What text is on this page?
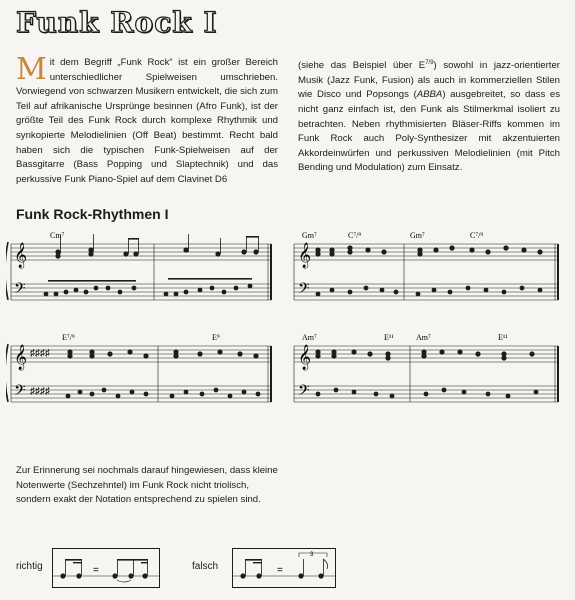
Funk Rock I
Mit dem Begriff „Funk Rock“ ist ein großer Bereich unterschiedlicher Spielweisen umschrieben. Vorwiegend von schwarzen Musikern entwickelt, die sich zum Teil auf afrikanische Ursprünge besinnen (Afro Funk), ist der größte Teil des Funk Rock durch komplexe Rhythmik und synkopierte Melodielinien (Off Beat) bestimmt. Recht bald haben sich die typischen Funk-Spielweisen auf der Bassgitarre (Bass Popping und Slaptechnik) und das perkussive Funk Piano-Spiel auf dem Clavinet D6
(siehe das Beispiel über $E^{7/9}$) sowohl in jazz-orientierter Musik (Jazz Funk, Fusion) als auch in kommerziellen Stilen wie Disco und Popsongs (ABBA) ausgebreitet, so dass es nicht ganz einfach ist, den Funk als Stilmerkmal isoliert zu betrachten. Neben rhythmisierten Bläser-Riffs kommen im Funk Rock auch Poly-Synthesizer mit akzentuierten Akkordeinwürfen und perkussiven Melodielinien (mit Pitch Bending und Modulation) zum Einsatz.
Funk Rock-Rhythmen I
Cm⁷
𝄞
𝄢
Gm⁷	C⁷/⁹	Gm⁷	C⁷/⁹
𝄞
𝄢
E⁷/⁹	E⁹
𝄞
𝄢
♯♯♯♯
♯♯♯♯
Am⁷	E¹¹	Am⁷	E¹¹
𝄞
𝄢
Zur Erinnerung sei nochmals darauf hingewiesen, dass kleine Notenwerte (Sechzehntel) im Funk Rock nicht triolisch, sondern exakt der Notation entsprechend zu spielen sind.
richtig	=	falsch
3
=
